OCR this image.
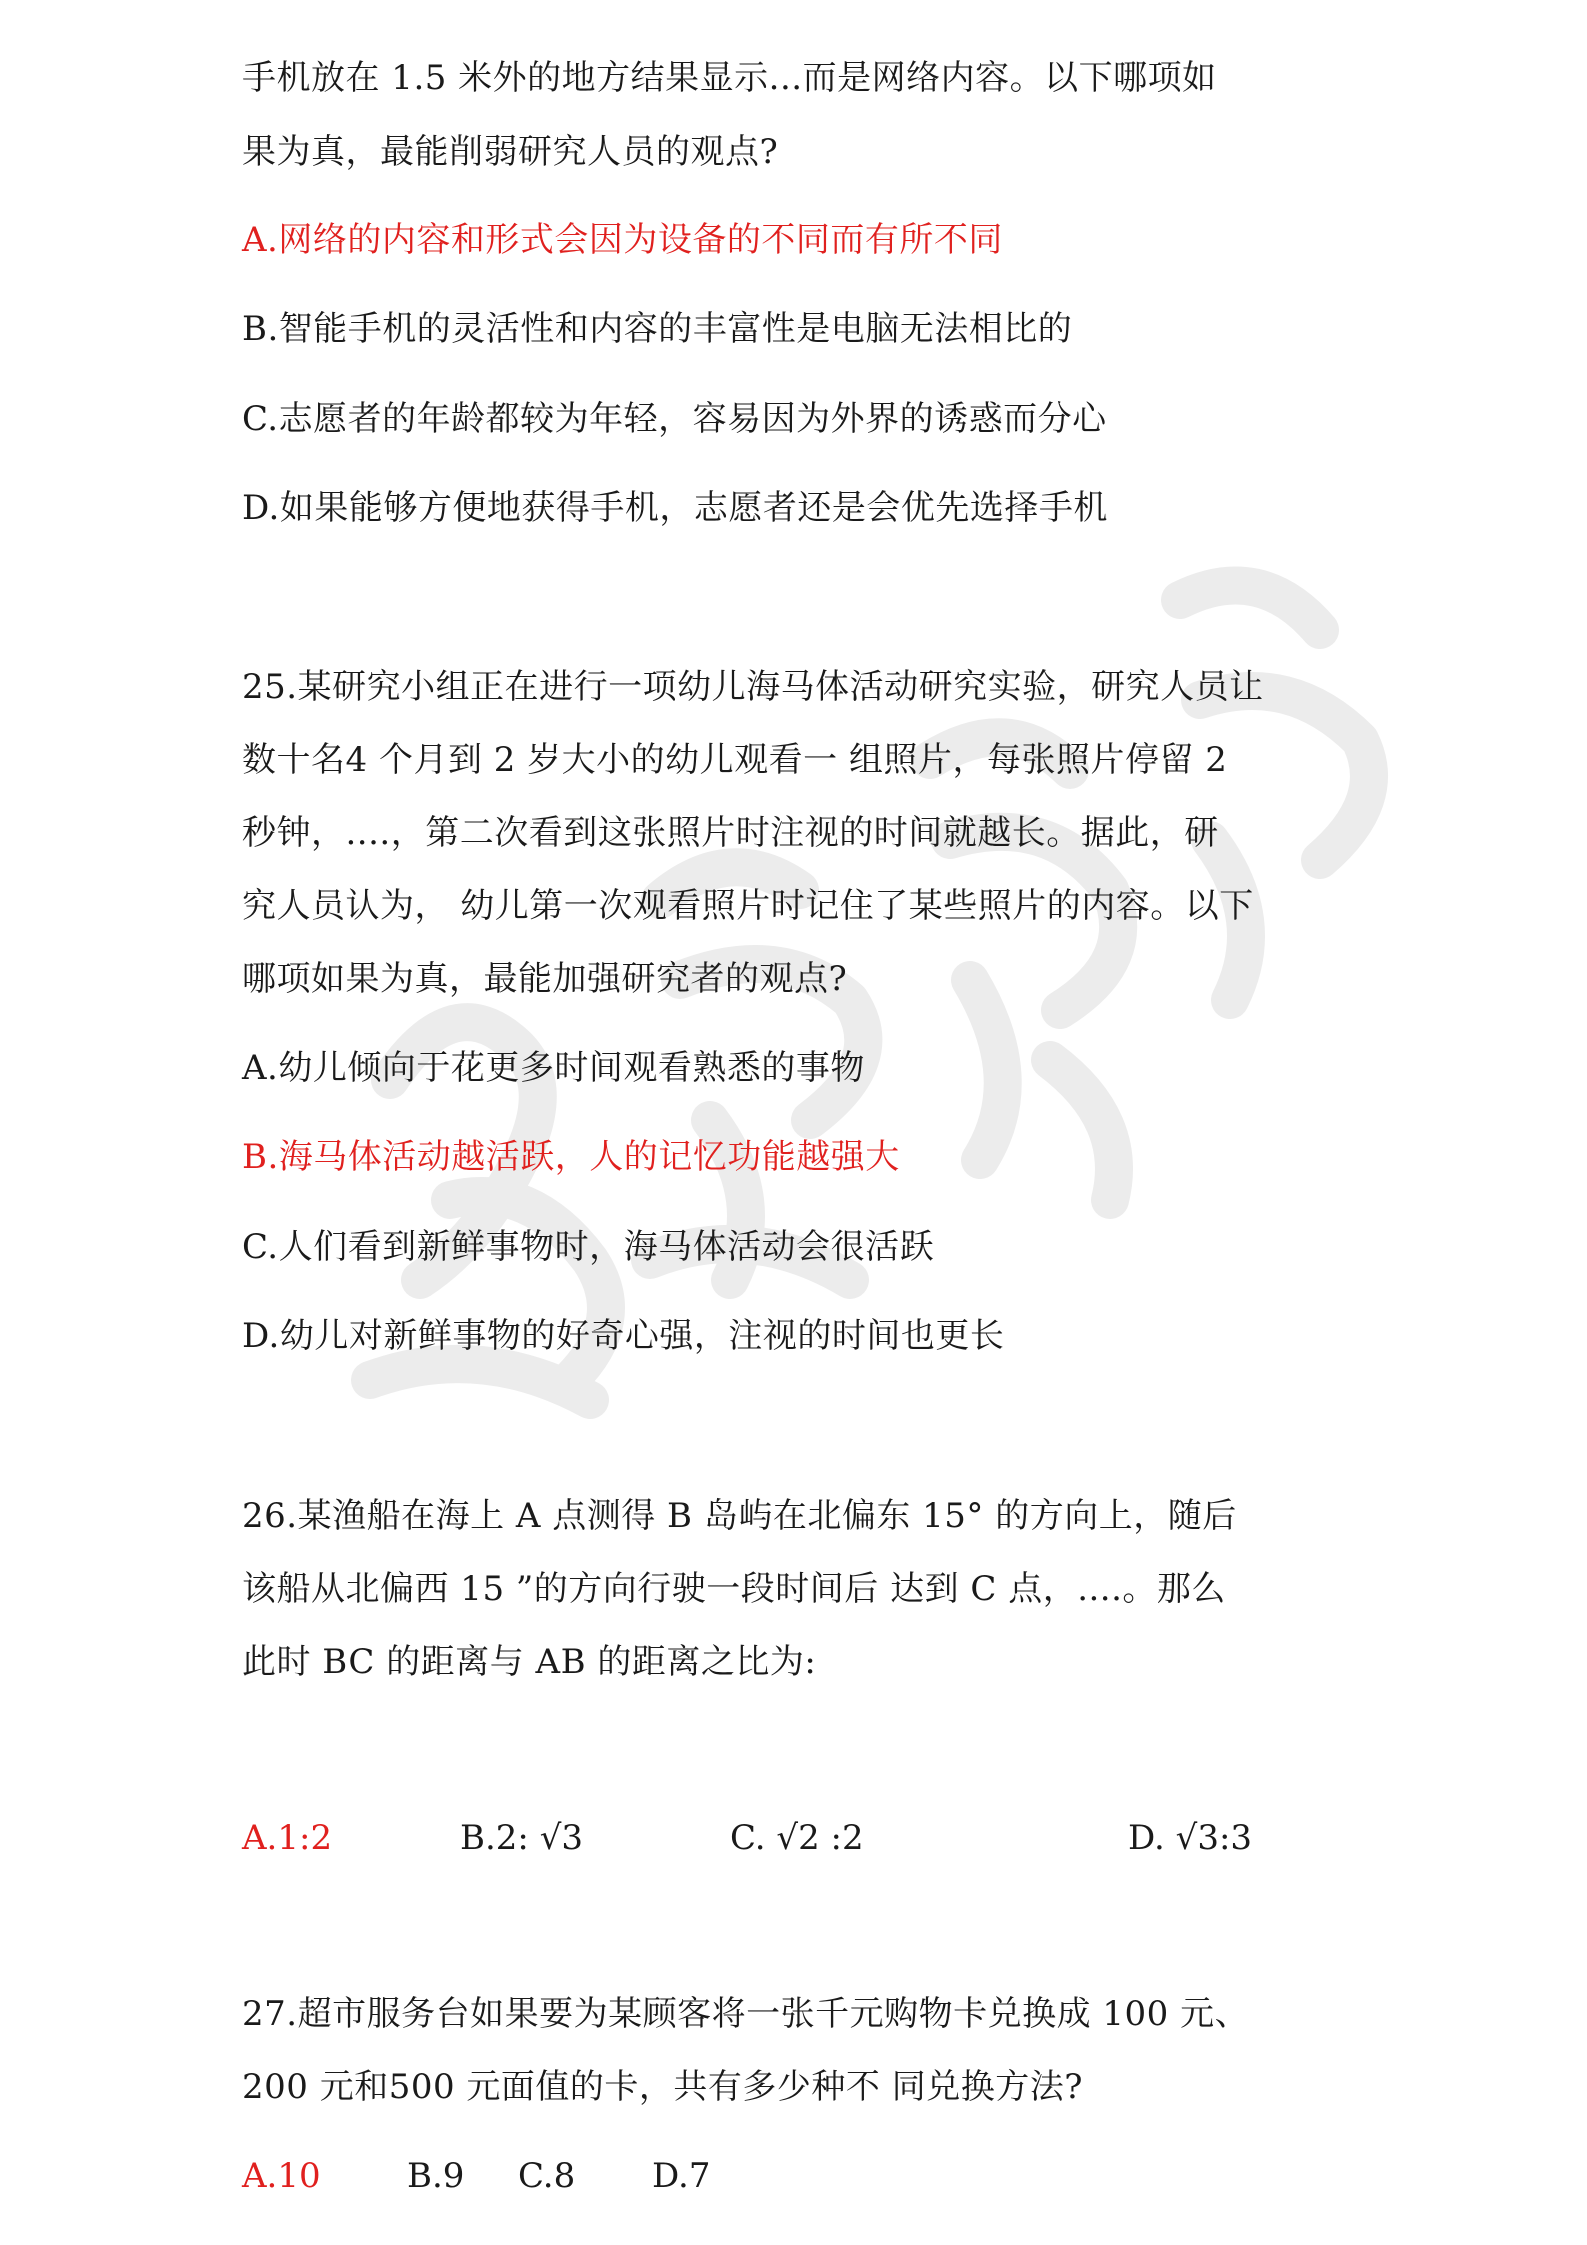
手机放在 1.5 米外的地方结果显示...而是网络内容。以下哪项如
果为真，最能削弱研究人员的观点?
A.网络的内容和形式会因为设备的不同而有所不同
B.智能手机的灵活性和内容的丰富性是电脑无法相比的
C.志愿者的年龄都较为年轻，容易因为外界的诱惑而分心
D.如果能够方便地获得手机，志愿者还是会优先选择手机
25.某研究小组正在进行一项幼儿海马体活动研究实验，研究人员让
数十名4 个月到 2 岁大小的幼儿观看一 组照片，每张照片停留 2
秒钟，....，第二次看到这张照片时注视的时间就越长。据此，研
究人员认为， 幼儿第一次观看照片时记住了某些照片的内容。以下
哪项如果为真，最能加强研究者的观点?
A.幼儿倾向于花更多时间观看熟悉的事物
B.海马体活动越活跃，人的记忆功能越强大
C.人们看到新鲜事物时，海马体活动会很活跃
D.幼儿对新鲜事物的好奇心强，注视的时间也更长
26.某渔船在海上 A 点测得 B 岛屿在北偏东 15° 的方向上，随后
该船从北偏西 15 ”的方向行驶一段时间后 达到 C 点，....。那么
此时 BC 的距离与 AB 的距离之比为:
A.1:2	B.2: √3	C. √2 :2	D. √3:3
27.超市服务台如果要为某顾客将一张千元购物卡兑换成 100 元、
200 元和500 元面值的卡，共有多少种不 同兑换方法?
A.10	B.9 C.8 D.7
